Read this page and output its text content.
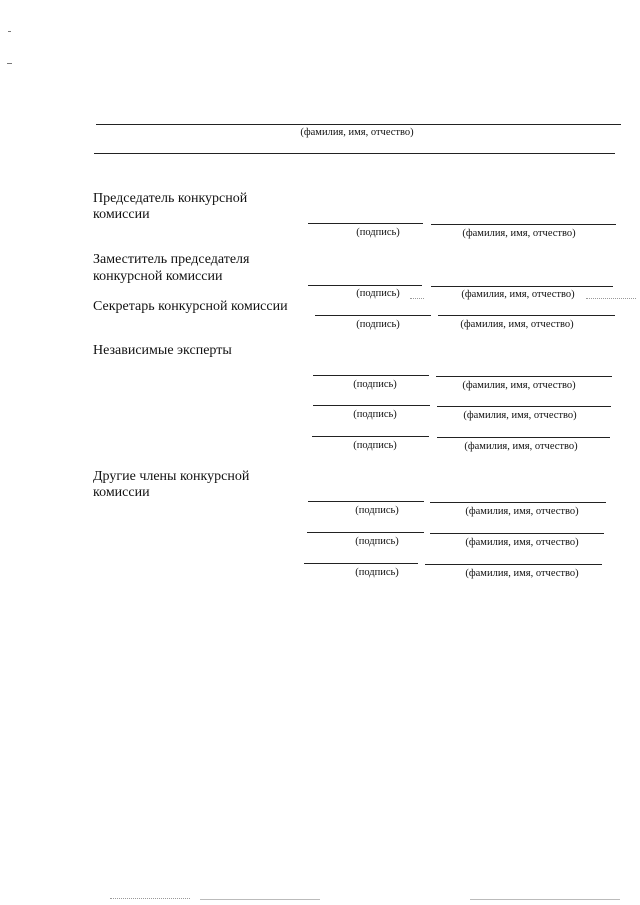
(фамилия, имя, отчество)
Председатель конкурсной
комиссии
(подпись)	(фамилия, имя, отчество)
Заместитель председателя
конкурсной комиссии
(подпись)	(фамилия, имя, отчество)
Секретарь конкурсной комиссии
(подпись)	(фамилия, имя, отчество)
Независимые эксперты
(подпись)	(фамилия, имя, отчество)
(подпись)	(фамилия, имя, отчество)
(подпись)	(фамилия, имя, отчество)
Другие члены конкурсной
комиссии
(подпись)	(фамилия, имя, отчество)
(подпись)	(фамилия, имя, отчество)
(подпись)	(фамилия, имя, отчество)
